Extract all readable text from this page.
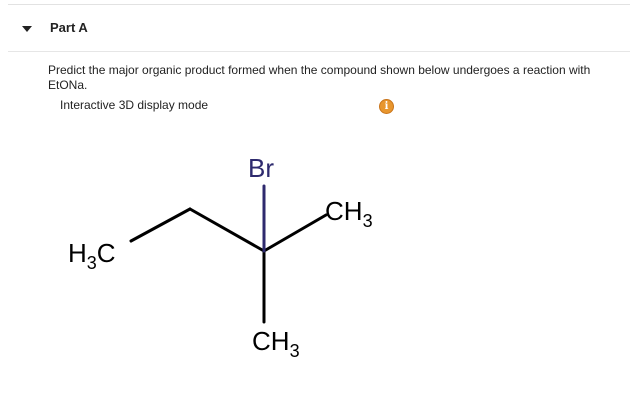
Part A
Predict the major organic product formed when the compound shown below undergoes a reaction with EtONa.
Interactive 3D display mode	i
Br
$CH_3$
$CH_3$
$H_3C$
